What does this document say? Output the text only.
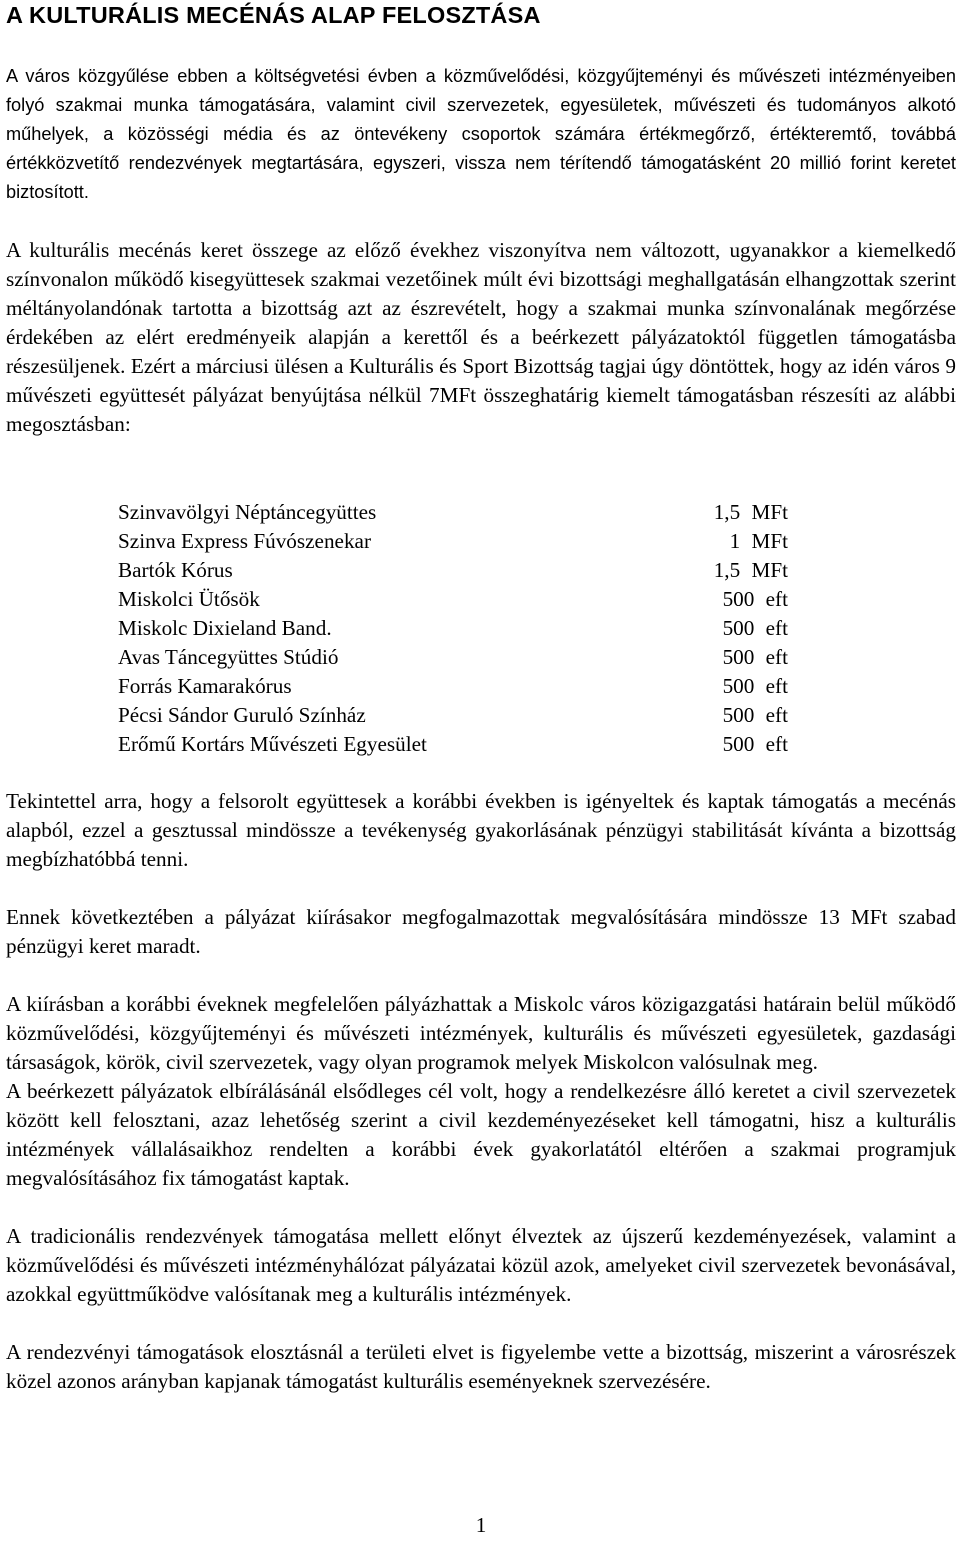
A KULTURÁLIS MECÉNÁS ALAP FELOSZTÁSA

A város közgyűlése ebben a költségvetési évben a közművelődési, közgyűjteményi és művészeti intézményeiben folyó szakmai munka támogatására, valamint civil szervezetek, egyesületek, művészeti és tudományos alkotó műhelyek, a közösségi média és az öntevékeny csoportok számára értékmegőrző, értékteremtő, továbbá értékközvetítő rendezvények megtartására, egyszeri, vissza nem térítendő támogatásként 20 millió forint keretet biztosított.

A kulturális mecénás keret összege az előző évekhez viszonyítva nem változott, ugyanakkor a kiemelkedő színvonalon működő kisegyüttesek szakmai vezetőinek múlt évi bizottsági meghallgatásán elhangzottak szerint méltányolandónak tartotta a bizottság azt az észrevételt, hogy a szakmai munka színvonalának megőrzése érdekében az elért eredményeik alapján a kerettől és a beérkezett pályázatoktól független támogatásba részesüljenek. Ezért a márciusi ülésen a Kulturális és Sport Bizottság tagjai úgy döntöttek, hogy az idén város 9 művészeti együttesét pályázat benyújtása nélkül 7MFt összeghatárig kiemelt támogatásban részesíti az alábbi megosztásban:

Szinvavölgyi Néptáncegyüttes	1,5 MFt
Szinva Express Fúvószenekar	1 MFt
Bartók Kórus	1,5 MFt
Miskolci Ütősök	500 eft
Miskolc Dixieland Band.	500 eft
Avas Táncegyüttes Stúdió	500 eft
Forrás Kamarakórus	500 eft
Pécsi Sándor Guruló Színház	500 eft
Erőmű Kortárs Művészeti Egyesület	500 eft

Tekintettel arra, hogy a felsorolt együttesek a korábbi években is igényeltek és kaptak támogatás a mecénás alapból, ezzel a gesztussal mindössze a tevékenység gyakorlásának pénzügyi stabilitását kívánta a bizottság megbízhatóbbá tenni.

Ennek következtében a pályázat kiírásakor megfogalmazottak megvalósítására mindössze 13 MFt szabad pénzügyi keret maradt.

A kiírásban a korábbi éveknek megfelelően pályázhattak a Miskolc város közigazgatási határain belül működő közművelődési, közgyűjteményi és művészeti intézmények, kulturális és művészeti egyesületek, gazdasági társaságok, körök, civil szervezetek, vagy olyan programok melyek Miskolcon valósulnak meg.

A beérkezett pályázatok elbírálásánál elsődleges cél volt, hogy a rendelkezésre álló keretet a civil szervezetek között kell felosztani, azaz lehetőség szerint a civil kezdeményezéseket kell támogatni, hisz a kulturális intézmények vállalásaikhoz rendelten a korábbi évek gyakorlatától eltérően a szakmai programjuk megvalósításához fix támogatást kaptak.

A tradicionális rendezvények támogatása mellett előnyt élveztek az újszerű kezdeményezések, valamint a közművelődési és művészeti intézményhálózat pályázatai közül azok, amelyeket civil szervezetek bevonásával, azokkal együttműködve valósítanak meg a kulturális intézmények.

A rendezvényi támogatások elosztásnál a területi elvet is figyelembe vette a bizottság, miszerint a városrészek közel azonos arányban kapjanak támogatást kulturális eseményeknek szervezésére.

1
